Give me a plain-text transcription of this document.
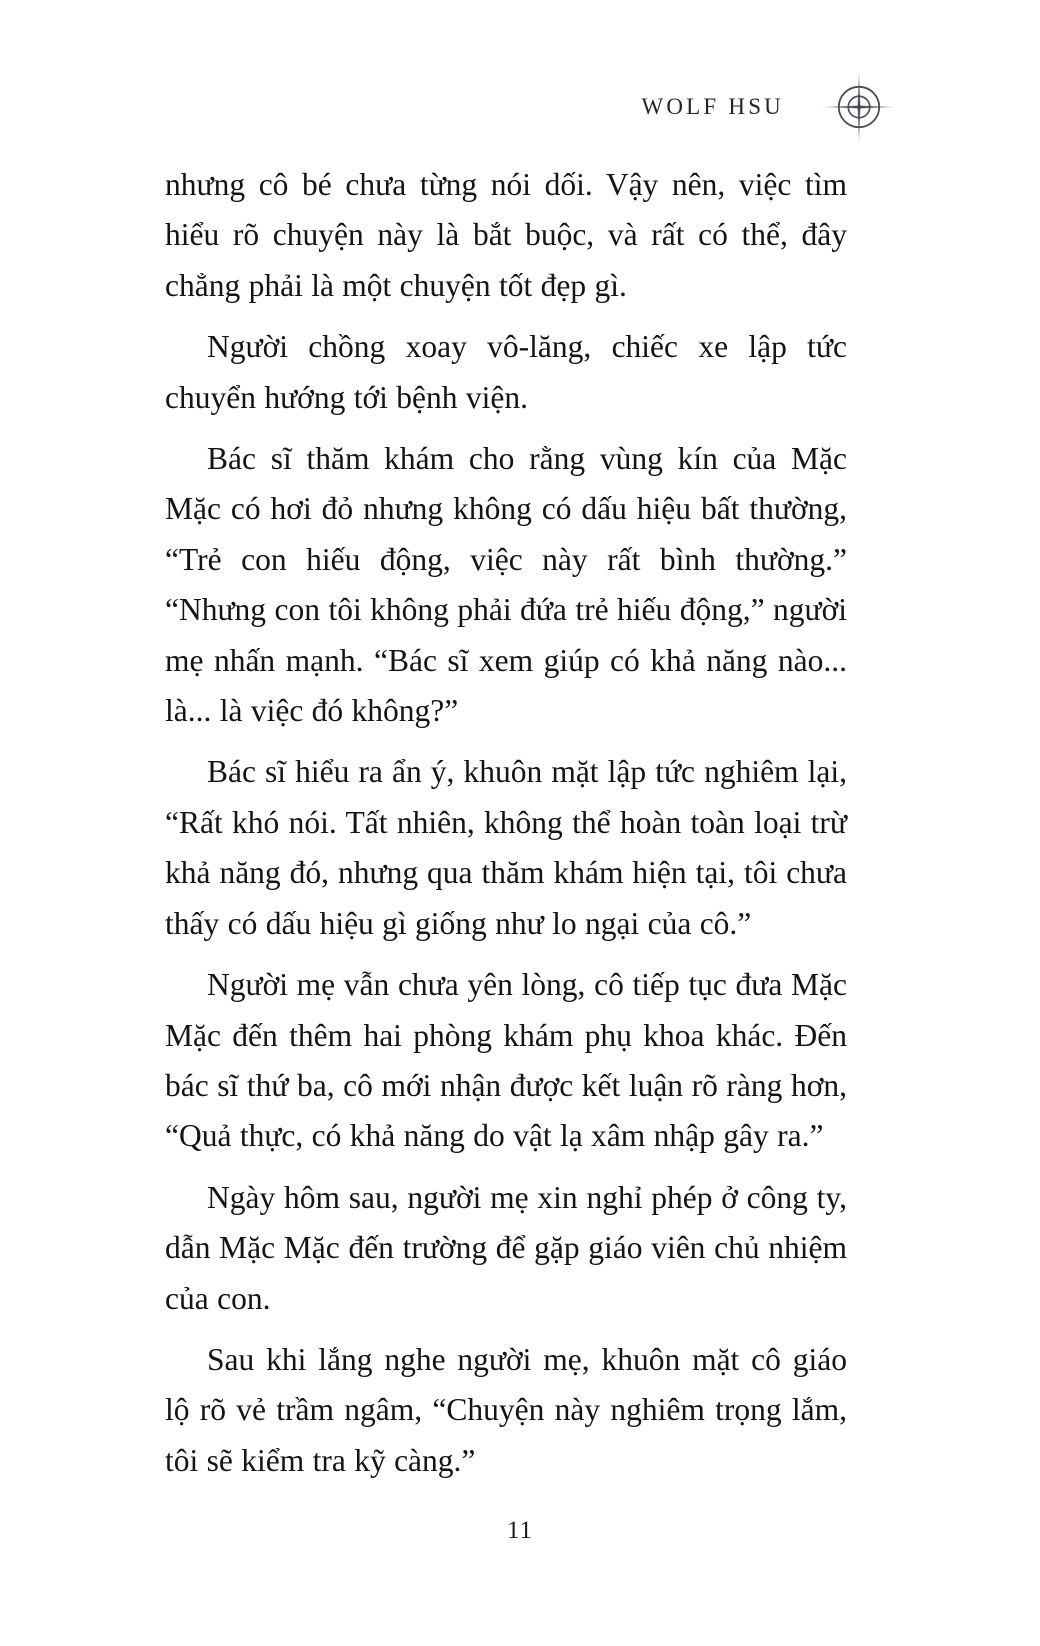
WOLF HSU

nhưng cô bé chưa từng nói dối. Vậy nên, việc tìm hiểu rõ chuyện này là bắt buộc, và rất có thể, đây chẳng phải là một chuyện tốt đẹp gì.

Người chồng xoay vô-lăng, chiếc xe lập tức chuyển hướng tới bệnh viện.

Bác sĩ thăm khám cho rằng vùng kín của Mặc Mặc có hơi đỏ nhưng không có dấu hiệu bất thường, “Trẻ con hiếu động, việc này rất bình thường.” “Nhưng con tôi không phải đứa trẻ hiếu động,” người mẹ nhấn mạnh. “Bác sĩ xem giúp có khả năng nào... là... là việc đó không?”

Bác sĩ hiểu ra ẩn ý, khuôn mặt lập tức nghiêm lại, “Rất khó nói. Tất nhiên, không thể hoàn toàn loại trừ khả năng đó, nhưng qua thăm khám hiện tại, tôi chưa thấy có dấu hiệu gì giống như lo ngại của cô.”

Người mẹ vẫn chưa yên lòng, cô tiếp tục đưa Mặc Mặc đến thêm hai phòng khám phụ khoa khác. Đến bác sĩ thứ ba, cô mới nhận được kết luận rõ ràng hơn, “Quả thực, có khả năng do vật lạ xâm nhập gây ra.”

Ngày hôm sau, người mẹ xin nghỉ phép ở công ty, dẫn Mặc Mặc đến trường để gặp giáo viên chủ nhiệm của con.

Sau khi lắng nghe người mẹ, khuôn mặt cô giáo lộ rõ vẻ trầm ngâm, “Chuyện này nghiêm trọng lắm, tôi sẽ kiểm tra kỹ càng.”

11
